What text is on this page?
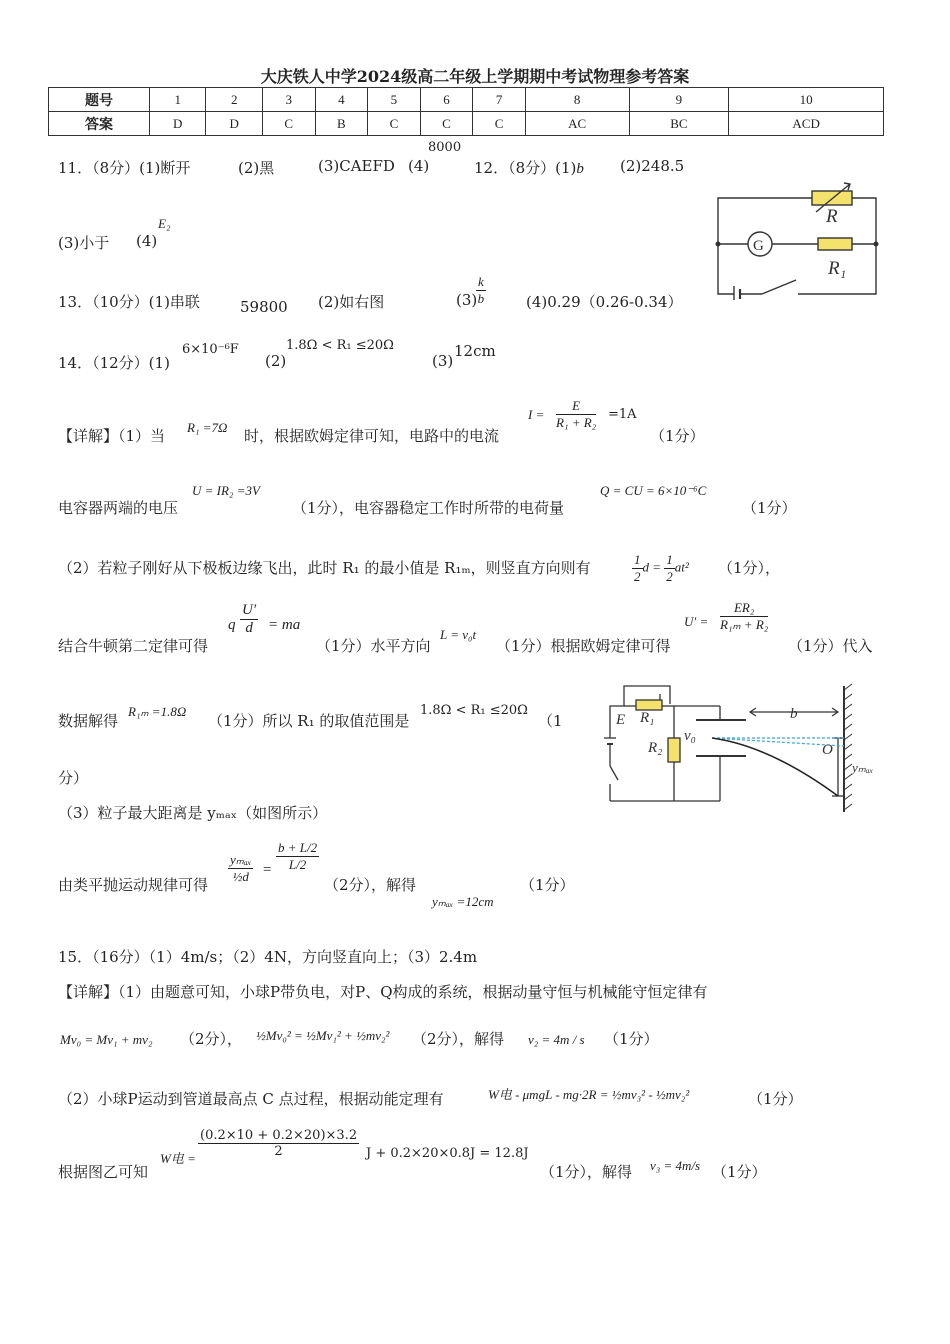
大庆铁人中学2024级高二年级上学期期中考试物理参考答案
题号	1	2	3	4	5	6	7	8	9	10
答案	D	D	C	B	C	C	C	AC	BC	ACD
11．（8分）(1)断开	(2)黑	(3)CAEFD (4)
8000
12．（8分）(1)b (2)248.5
(3)小于 (4)
E₂	R
G
R₁
13．（10分）(1)串联	59800 (2)如右图	(3)
$\frac{k}{b}$	(4)0.29（0.26-0.34）
14．（12分）(1)
6×10⁻⁶F
(2)
1.8Ω < R₁ ≤20Ω
(3)
12cm
【详解】（1）当 R₁ =7Ω 时，根据欧姆定律可知，电路中的电流
$I = \frac{E}{\text{R₁ + R₂}} =1A$
（1分）
电容器两端的电压
U = IR₂ =3V
（1分），电容器稳定工作时所带的电荷量
Q = CU = 6×10⁻⁶C
（1分）
（2）若粒子刚好从下极板边缘飞出，此时 R₁ 的最小值是 R₁ₘ，则竖直方向则有	$\frac{1}{2}$ $d = \frac{1}{2} at^2$ （1分），
结合牛顿第二定律可得
q $\frac{U'}{d}$ = ma
（1分）水平方向
L = v₀t
（1分）根据欧姆定律可得
$U' = \frac{\text{ER₂}}{\text{R₁ₘ + R₂}}$
（1分）代入
数据解得
R₁ₘ =1.8Ω
（1分）所以 R₁ 的取值范围是
1.8Ω < R₁ ≤20Ω
（1
分）
E R₁
R₂
v₀
b
O
yₘₐₓ
（3）粒子最大距离是 yₘₐₓ（如图所示）
由类平抛运动规律可得
yₘₐₓ
½d = $\frac{b + L/2}{L/2}$
（2分），解得
yₘₐₓ =12cm
（1分）
15．（16分）（1）4m/s；（2）4N，方向竖直向上；（3）2.4m
【详解】（1）由题意可知，小球P带负电，对P、Q构成的系统，根据动量守恒与机械能守恒定律有
Mv₀ = Mv₁ + mv₂ （2分）， ½Mv₀² = ½Mv₁² + ½mv₂² （2分），解得 v₂ = 4m / s （1分）
（2）小球P运动到管道最高点 C 点过程，根据动能定理有	W电 - μmgL - mg·2R = ½mv₃² - ½mv₂²	（1分）
根据图乙可知
W电 = $\frac{(0.2\times 10 + 0.2\times 20)\times 3.2}{2}$ J + 0.2×20×0.8J = 12.8J
（1分），解得 v₃ = 4m/s （1分）
